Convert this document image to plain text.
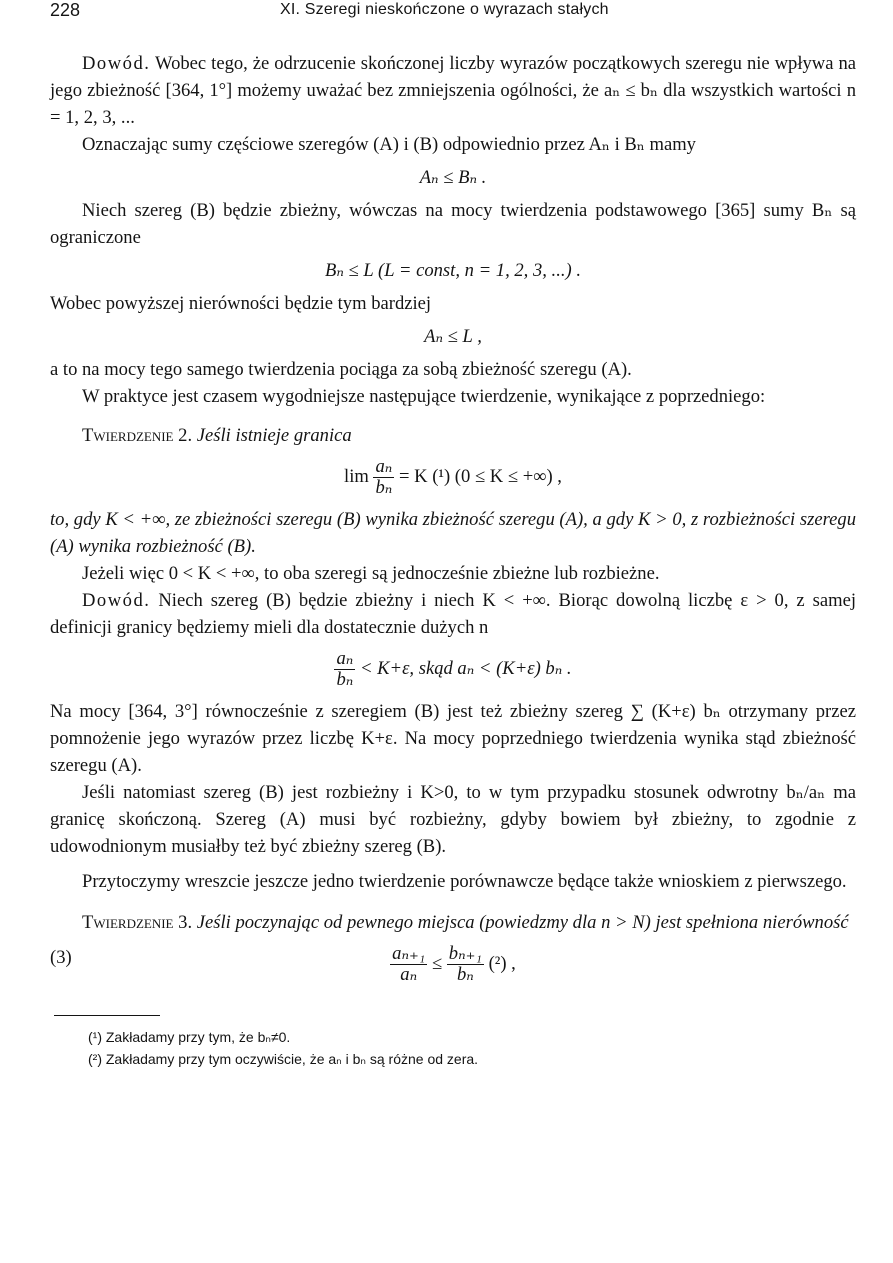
228	XI. Szeregi nieskończone o wyrazach stałych

Dowód. Wobec tego, że odrzucenie skończonej liczby wyrazów początkowych szeregu nie wpływa na jego zbieżność [364, 1°] możemy uważać bez zmniejszenia ogólności, że aₙ ≤ bₙ dla wszystkich wartości n = 1, 2, 3, ...

Oznaczając sumy częściowe szeregów (A) i (B) odpowiednio przez Aₙ i Bₙ mamy

Aₙ ≤ Bₙ .

Niech szereg (B) będzie zbieżny, wówczas na mocy twierdzenia podstawowego [365] sumy Bₙ są ograniczone

Bₙ ≤ L (L = const, n = 1, 2, 3, ...) .

Wobec powyższej nierówności będzie tym bardziej

Aₙ ≤ L ,

a to na mocy tego samego twierdzenia pociąga za sobą zbieżność szeregu (A).

W praktyce jest czasem wygodniejsze następujące twierdzenie, wynikające z poprzedniego:

Twierdzenie 2. Jeśli istnieje granica

$\lim \frac{\text{aₙ}}{\text{bₙ}} = K$ (¹) (0 ≤ K ≤ +∞) ,

to, gdy K < +∞, ze zbieżności szeregu (B) wynika zbieżność szeregu (A), a gdy K > 0, z rozbieżności szeregu (A) wynika rozbieżność (B).

Jeżeli więc 0 < K < +∞, to oba szeregi są jednocześnie zbieżne lub rozbieżne.

Dowód. Niech szereg (B) będzie zbieżny i niech K < +∞. Biorąc dowolną liczbę ε > 0, z samej definicji granicy będziemy mieli dla dostatecznie dużych n

$\frac{\text{aₙ}}{\text{bₙ}} < K+\varepsilon$, skąd aₙ < (K+ε) bₙ .

Na mocy [364, 3°] równocześnie z szeregiem (B) jest też zbieżny szereg ∑ (K+ε) bₙ otrzymany przez pomnożenie jego wyrazów przez liczbę K+ε. Na mocy poprzedniego twierdzenia wynika stąd zbieżność szeregu (A).

Jeśli natomiast szereg (B) jest rozbieżny i K>0, to w tym przypadku stosunek odwrotny bₙ/aₙ ma granicę skończoną. Szereg (A) musi być rozbieżny, gdyby bowiem był zbieżny, to zgodnie z udowodnionym musiałby też być zbieżny szereg (B).

Przytoczymy wreszcie jeszcze jedno twierdzenie porównawcze będące także wnioskiem z pierwszego.

Twierdzenie 3. Jeśli poczynając od pewnego miejsca (powiedzmy dla n > N) jest spełniona nierówność

(3)	$\frac{\text{aₙ₊₁}}{\text{aₙ}} \le \frac{\text{bₙ₊₁}}{\text{bₙ}} (^2)$ ,
(¹) Zakładamy przy tym, że bₙ≠0.
(²) Zakładamy przy tym oczywiście, że aₙ i bₙ są różne od zera.
